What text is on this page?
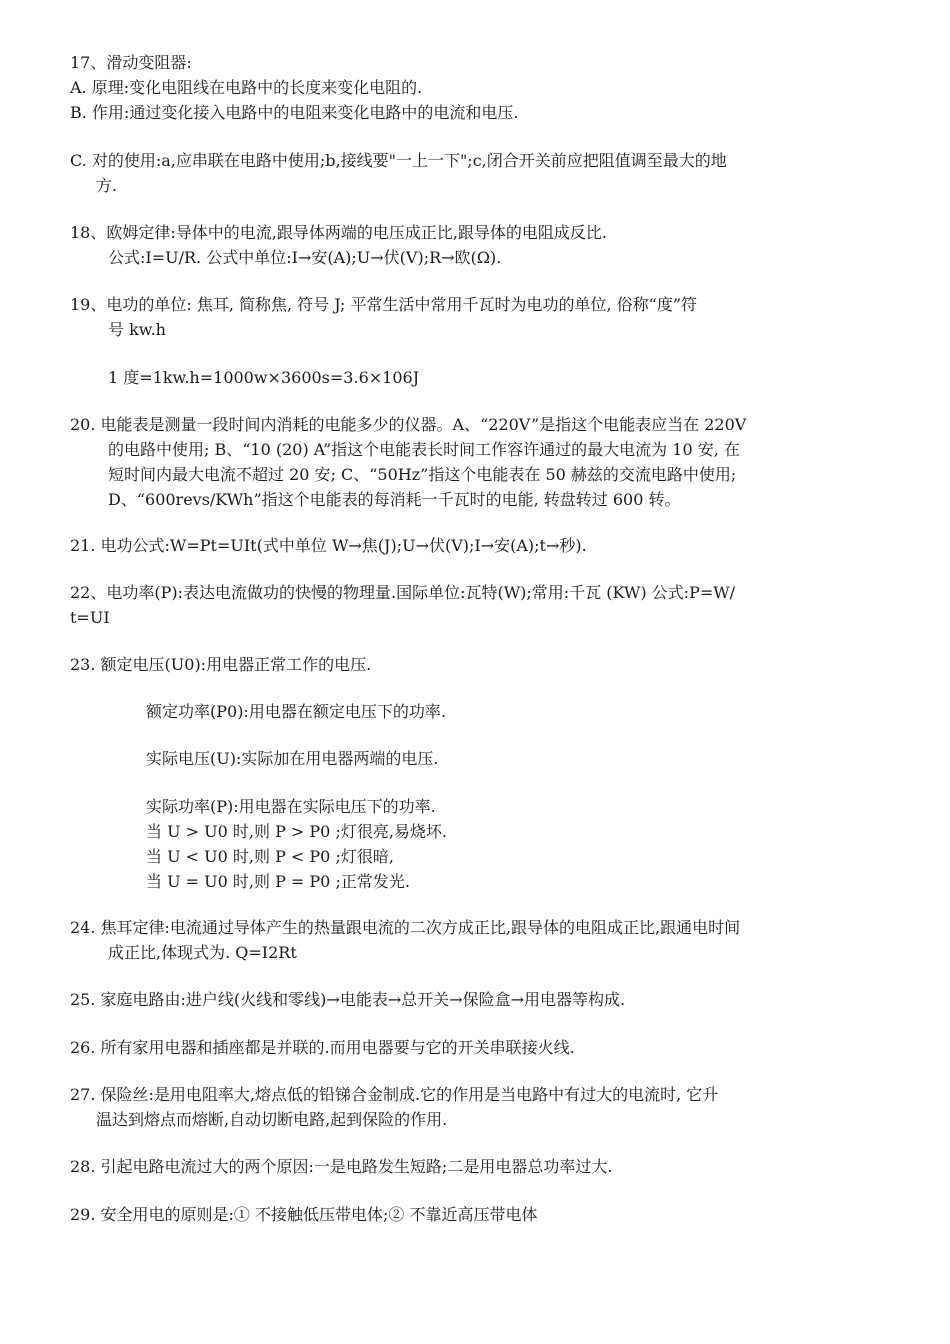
17、滑动变阻器:
A. 原理:变化电阻线在电路中的长度来变化电阻的.
B. 作用:通过变化接入电路中的电阻来变化电路中的电流和电压.
C. 对的使用:a,应串联在电路中使用;b,接线要"一上一下";c,闭合开关前应把阻值调至最大的地
方.
18、欧姆定律:导体中的电流,跟导体两端的电压成正比,跟导体的电阻成反比.
公式:I=U/R. 公式中单位:I→安(A);U→伏(V);R→欧(Ω).
19、电功的单位: 焦耳, 简称焦, 符号 J; 平常生活中常用千瓦时为电功的单位, 俗称“度”符
号 kw.h
1 度=1kw.h=1000w×3600s=3.6×106J
20. 电能表是测量一段时间内消耗的电能多少的仪器。A、“220V”是指这个电能表应当在 220V
的电路中使用; B、“10 (20) A”指这个电能表长时间工作容许通过的最大电流为 10 安, 在
短时间内最大电流不超过 20 安; C、“50Hz”指这个电能表在 50 赫兹的交流电路中使用;
D、“600revs/KWh”指这个电能表的每消耗一千瓦时的电能, 转盘转过 600 转。
21. 电功公式:W=Pt=UIt(式中单位 W→焦(J);U→伏(V);I→安(A);t→秒).
22、电功率(P):表达电流做功的快慢的物理量.国际单位:瓦特(W);常用:千瓦 (KW) 公式:P=W/
t=UI
23. 额定电压(U0):用电器正常工作的电压.
额定功率(P0):用电器在额定电压下的功率.
实际电压(U):实际加在用电器两端的电压.
实际功率(P):用电器在实际电压下的功率.
当 U > U0 时,则 P > P0 ;灯很亮,易烧坏.
当 U < U0 时,则 P < P0 ;灯很暗,
当 U = U0 时,则 P = P0 ;正常发光.
24. 焦耳定律:电流通过导体产生的热量跟电流的二次方成正比,跟导体的电阻成正比,跟通电时间
成正比,体现式为. Q=I2Rt
25. 家庭电路由:进户线(火线和零线)→电能表→总开关→保险盒→用电器等构成.
26. 所有家用电器和插座都是并联的.而用电器要与它的开关串联接火线.
27. 保险丝:是用电阻率大,熔点低的铅锑合金制成.它的作用是当电路中有过大的电流时, 它升
温达到熔点而熔断,自动切断电路,起到保险的作用.
28. 引起电路电流过大的两个原因:一是电路发生短路;二是用电器总功率过大.
29. 安全用电的原则是:① 不接触低压带电体;② 不靠近高压带电体
